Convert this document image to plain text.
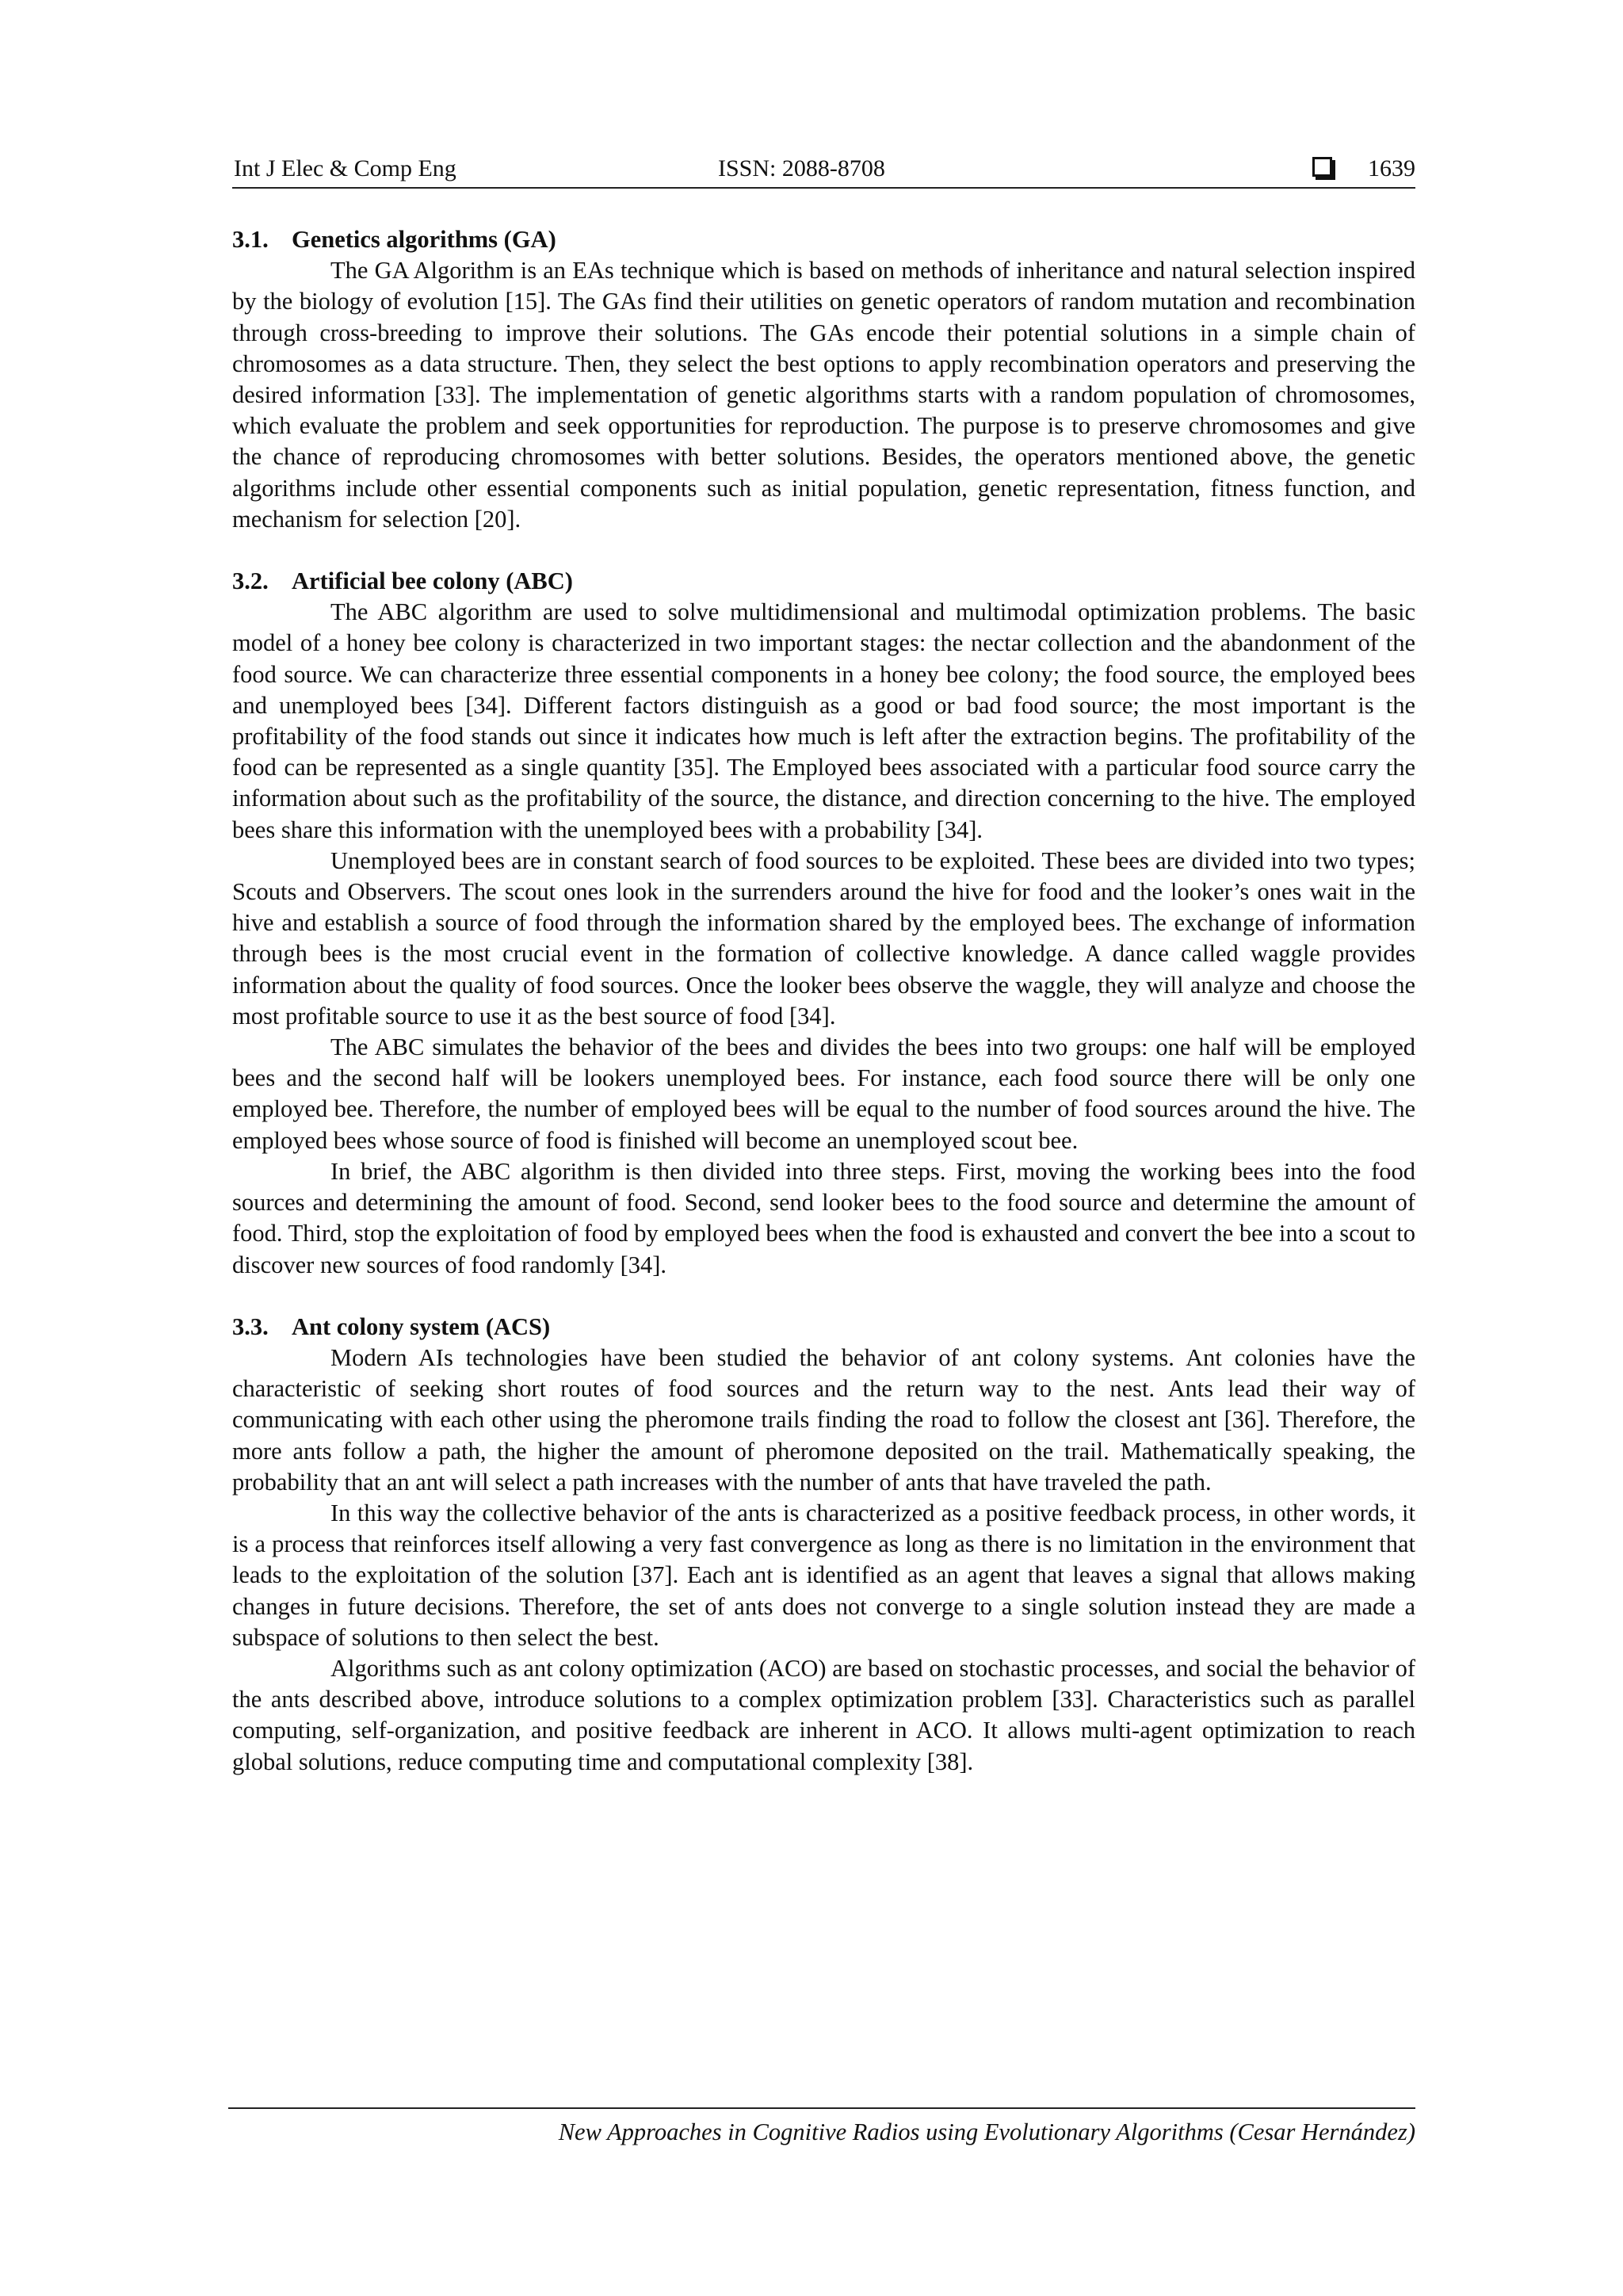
Int J Elec & Comp Eng	ISSN: 2088-8708	1639
3.1. Genetics algorithms (GA)

The GA Algorithm is an EAs technique which is based on methods of inheritance and natural selection inspired by the biology of evolution [15]. The GAs find their utilities on genetic operators of random mutation and recombination through cross-breeding to improve their solutions. The GAs encode their potential solutions in a simple chain of chromosomes as a data structure. Then, they select the best options to apply recombination operators and preserving the desired information [33]. The implementation of genetic algorithms starts with a random population of chromosomes, which evaluate the problem and seek opportunities for reproduction. The purpose is to preserve chromosomes and give the chance of reproducing chromosomes with better solutions. Besides, the operators mentioned above, the genetic algorithms include other essential components such as initial population, genetic representation, fitness function, and mechanism for selection [20].

3.2. Artificial bee colony (ABC)

The ABC algorithm are used to solve multidimensional and multimodal optimization problems. The basic model of a honey bee colony is characterized in two important stages: the nectar collection and the abandonment of the food source. We can characterize three essential components in a honey bee colony; the food source, the employed bees and unemployed bees [34]. Different factors distinguish as a good or bad food source; the most important is the profitability of the food stands out since it indicates how much is left after the extraction begins. The profitability of the food can be represented as a single quantity [35]. The Employed bees associated with a particular food source carry the information about such as the profitability of the source, the distance, and direction concerning to the hive. The employed bees share this information with the unemployed bees with a probability [34].

Unemployed bees are in constant search of food sources to be exploited. These bees are divided into two types; Scouts and Observers. The scout ones look in the surrenders around the hive for food and the looker’s ones wait in the hive and establish a source of food through the information shared by the employed bees. The exchange of information through bees is the most crucial event in the formation of collective knowledge. A dance called waggle provides information about the quality of food sources. Once the looker bees observe the waggle, they will analyze and choose the most profitable source to use it as the best source of food [34].

The ABC simulates the behavior of the bees and divides the bees into two groups: one half will be employed bees and the second half will be lookers unemployed bees. For instance, each food source there will be only one employed bee. Therefore, the number of employed bees will be equal to the number of food sources around the hive. The employed bees whose source of food is finished will become an unemployed scout bee.

In brief, the ABC algorithm is then divided into three steps. First, moving the working bees into the food sources and determining the amount of food. Second, send looker bees to the food source and determine the amount of food. Third, stop the exploitation of food by employed bees when the food is exhausted and convert the bee into a scout to discover new sources of food randomly [34].

3.3. Ant colony system (ACS)

Modern AIs technologies have been studied the behavior of ant colony systems. Ant colonies have the characteristic of seeking short routes of food sources and the return way to the nest. Ants lead their way of communicating with each other using the pheromone trails finding the road to follow the closest ant [36]. Therefore, the more ants follow a path, the higher the amount of pheromone deposited on the trail. Mathematically speaking, the probability that an ant will select a path increases with the number of ants that have traveled the path.

In this way the collective behavior of the ants is characterized as a positive feedback process, in other words, it is a process that reinforces itself allowing a very fast convergence as long as there is no limitation in the environment that leads to the exploitation of the solution [37]. Each ant is identified as an agent that leaves a signal that allows making changes in future decisions. Therefore, the set of ants does not converge to a single solution instead they are made a subspace of solutions to then select the best.

Algorithms such as ant colony optimization (ACO) are based on stochastic processes, and social the behavior of the ants described above, introduce solutions to a complex optimization problem [33]. Characteristics such as parallel computing, self-organization, and positive feedback are inherent in ACO. It allows multi-agent optimization to reach global solutions, reduce computing time and computational complexity [38].

New Approaches in Cognitive Radios using Evolutionary Algorithms (Cesar Hernández)
